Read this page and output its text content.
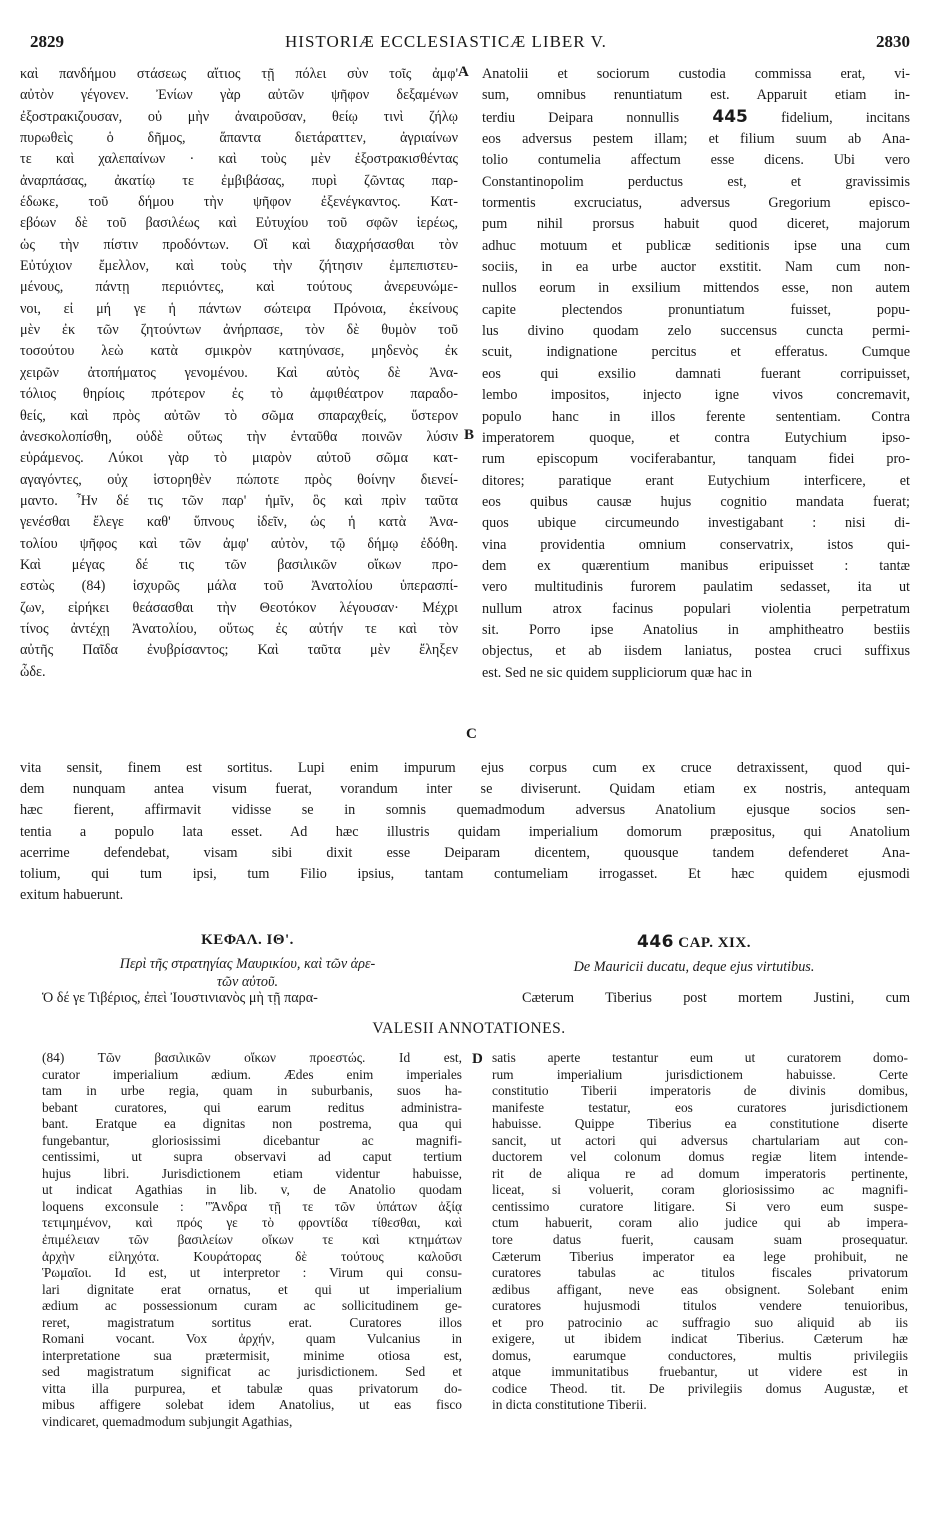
2829	HISTORIÆ ECCLESIASTICÆ LIBER V.	2830
καὶ πανδήμου στάσεως αἴτιος τῇ πόλει σὺν τοῖς ἀμφ'
αὐτὸν γέγονεν. Ἐνίων γὰρ αὐτῶν ψῆφον δεξαμένων
ἐξοστρακιζουσαν, οὐ μὴν ἀναιροῦσαν, θείῳ τινὶ ζήλῳ
πυρωθεὶς ὁ δῆμος, ἅπαντα διετάραττεν, ἀγριαίνων
τε καὶ χαλεπαίνων · καὶ τοὺς μὲν ἐξοστρακισθέντας
ἀναρπάσας, ἀκατίῳ τε ἐμβιβάσας, πυρὶ ζῶντας παρ-
έδωκε, τοῦ δήμου τὴν ψῆφον ἐξενέγκαντος. Κατ-
εβόων δὲ τοῦ βασιλέως καὶ Εὐτυχίου τοῦ σφῶν ἱερέως,
ὡς τὴν πίστιν προδόντων. Οἳ καὶ διαχρήσασθαι τὸν
Εὐτύχιον ἔμελλον, καὶ τοὺς τὴν ζήτησιν ἐμπεπιστευ-
μένους, πάντῃ περιιόντες, καὶ τούτους ἀνερευνώμε-
νοι, εἰ μή γε ἡ πάντων σώτειρα Πρόνοια, ἐκείνους
μὲν ἐκ τῶν ζητούντων ἀνήρπασε, τὸν δὲ θυμὸν τοῦ
τοσούτου λεὼ κατὰ σμικρὸν κατηύνασε, μηδενὸς ἐκ
χειρῶν ἀτοπήματος γενομένου. Καὶ αὐτὸς δὲ Ἀνα-
τόλιος θηρίοις πρότερον ἐς τὸ ἀμφιθέατρον παραδο-
θείς, καὶ πρὸς αὐτῶν τὸ σῶμα σπαραχθείς, ὕστερον
ἀνεσκολοπίσθη, οὐδὲ οὕτως τὴν ἐνταῦθα ποινῶν λύσιν
εὑράμενος. Λύκοι γὰρ τὸ μιαρὸν αὐτοῦ σῶμα κατ-
αγαγόντες, οὐχ ἱστορηθὲν πώποτε πρὸς θοίνην διενεί-
μαντο. Ἦν δέ τις τῶν παρ' ἡμῖν, ὃς καὶ πρὶν ταῦτα
γενέσθαι ἔλεγε καθ' ὕπνους ἰδεῖν, ὡς ἡ κατὰ Ἀνα-
τολίου ψῆφος καὶ τῶν ἀμφ' αὐτὸν, τῷ δήμῳ ἐδόθη.
Καὶ μέγας δέ τις τῶν βασιλικῶν οἴκων προ-
εστὼς (84) ἰσχυρῶς μάλα τοῦ Ἀνατολίου ὑπερασπί-
ζων, εἰρήκει θεάσασθαι τὴν Θεοτόκον λέγουσαν· Μέχρι
τίνος ἀντέχῃ Ἀνατολίου, οὕτως ἐς αὐτήν τε καὶ τὸν
αὐτῆς Παῖδα ἐνυβρίσαντος; Καὶ ταῦτα μὲν ἔληξεν
ὧδε.
A
B
C
Anatolii et sociorum custodia commissa erat, vi-
sum, omnibus renuntiatum est. Apparuit etiam in-
terdiu Deipara nonnullis 445 fidelium, incitans
eos adversus pestem illam; et filium suum ab Ana-
tolio contumelia affectum esse dicens. Ubi vero
Constantinopolim perductus est, et gravissimis
tormentis excruciatus, adversus Gregorium episco-
pum nihil prorsus habuit quod diceret, majorum
adhuc motuum et publicæ seditionis ipse una cum
sociis, in ea urbe auctor exstitit. Nam cum non-
nullos eorum in exsilium mittendos esse, non autem
capite plectendos pronuntiatum fuisset, popu-
lus divino quodam zelo succensus cuncta permi-
scuit, indignatione percitus et efferatus. Cumque
eos qui exsilio damnati fuerant corripuisset,
lembo impositos, injecto igne vivos concremavit,
populo hanc in illos ferente sententiam. Contra
imperatorem quoque, et contra Eutychium ipso-
rum episcopum vociferabantur, tanquam fidei pro-
ditores; paratique erant Eutychium interficere, et
eos quibus causæ hujus cognitio mandata fuerat;
quos ubique circumeundo investigabant : nisi di-
vina providentia omnium conservatrix, istos qui-
dem ex quærentium manibus eripuisset : tantæ
vero multitudinis furorem paulatim sedasset, ita ut
nullum atrox facinus populari violentia perpetratum
sit. Porro ipse Anatolius in amphitheatro bestiis
objectus, et ab iisdem laniatus, postea cruci suffixus
est. Sed ne sic quidem suppliciorum quæ hac in
vita sensit, finem est sortitus. Lupi enim impurum ejus corpus cum ex cruce detraxissent, quod qui-
dem nunquam antea visum fuerat, vorandum inter se diviserunt. Quidam etiam ex nostris, antequam
hæc fierent, affirmavit vidisse se in somnis quemadmodum adversus Anatolium ejusque socios sen-
tentia a populo lata esset. Ad hæc illustris quidam imperialium domorum præpositus, qui Anatolium
acerrime defendebat, visam sibi dixit esse Deiparam dicentem, quousque tandem defenderet Ana-
tolium, qui tum ipsi, tum Filio ipsius, tantam contumeliam irrogasset. Et hæc quidem ejusmodi
exitum habuerunt.
ΚΕΦΑΛ. ΙΘ'.
Περὶ τῆς στρατηγίας Μαυρικίου, καὶ τῶν ἀρε-
τῶν αὐτοῦ.
446 CAP. XIX.
De Mauricii ducatu, deque ejus virtutibus.
Ὁ δέ γε Τιβέριος, ἐπεὶ Ἰουστινιανὸς μὴ τῇ παρα-	Cæterum Tiberius post mortem Justini, cum
VALESII ANNOTATIONES.
(84) Τῶν βασιλικῶν οἴκων προεστώς. Id est,
curator imperialium ædium. Ædes enim imperiales
tam in urbe regia, quam in suburbanis, suos ha-
bebant curatores, qui earum reditus administra-
bant. Eratque ea dignitas non postrema, qua qui
fungebantur, gloriosissimi dicebantur ac magnifi-
centissimi, ut supra observavi ad caput tertium
hujus libri. Jurisdictionem etiam videntur habuisse,
ut indicat Agathias in lib. v, de Anatolio quodam
loquens exconsule : "Ἄνδρα τῇ τε τῶν ὑπάτων ἀξίᾳ
τετιμημένον, καὶ πρός γε τὸ φροντίδα τίθεσθαι, καὶ
ἐπιμέλειαν τῶν βασιλείων οἴκων τε καὶ κτημάτων
ἀρχὴν εἰληχότα. Κουράτορας δὲ τούτους καλοῦσι
Ῥωμαῖοι. Id est, ut interpretor : Virum qui consu-
lari dignitate erat ornatus, et qui ut imperialium
ædium ac possessionum curam ac sollicitudinem ge-
reret, magistratum sortitus erat. Curatores illos
Romani vocant. Vox ἀρχήν, quam Vulcanius in
interpretatione sua prætermisit, minime otiosa est,
sed magistratum significat ac jurisdictionem. Sed et
vitta illa purpurea, et tabulæ quas privatorum do-
mibus affigere solebat idem Anatolius, ut eas fisco
vindicaret, quemadmodum subjungit Agathias,
D satis aperte testantur eum ut curatorem domo-
rum imperialium jurisdictionem habuisse. Certe
constitutio Tiberii imperatoris de divinis domibus,
manifeste testatur, eos curatores jurisdictionem
habuisse. Quippe Tiberius ea constitutione diserte
sancit, ut actori qui adversus chartulariam aut con-
ductorem vel colonum domus regiæ litem intende-
rit de aliqua re ad domum imperatoris pertinente,
liceat, si voluerit, coram gloriosissimo ac magnifi-
centissimo curatore litigare. Si vero eum suspe-
ctum habuerit, coram alio judice qui ab impera-
tore datus fuerit, causam suam prosequatur.
Cæterum Tiberius imperator ea lege prohibuit, ne
curatores tabulas ac titulos fiscales privatorum
ædibus affigant, neve eas obsignent. Solebant enim
curatores hujusmodi titulos vendere tenuioribus,
et pro patrocinio ac suffragio suo aliquid ab iis
exigere, ut ibidem indicat Tiberius. Cæterum hæ
domus, earumque conductores, multis privilegiis
atque immunitatibus fruebantur, ut videre est in
codice Theod. tit. De privilegiis domus Augustæ, et
in dicta constitutione Tiberii.
